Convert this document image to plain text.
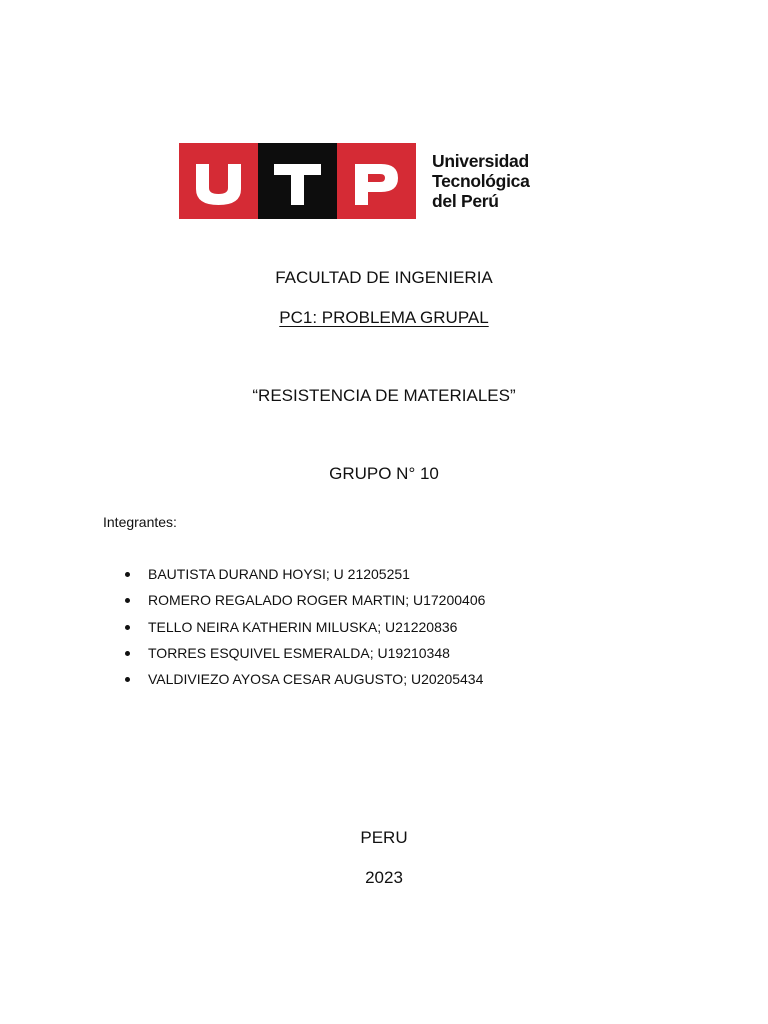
Universidad
Tecnológica
del Perú
FACULTAD DE INGENIERIA
PC1: PROBLEMA GRUPAL
“RESISTENCIA DE MATERIALES”
GRUPO N° 10
Integrantes:
BAUTISTA DURAND HOYSI; U 21205251
ROMERO REGALADO ROGER MARTIN; U17200406
TELLO NEIRA KATHERIN MILUSKA; U21220836
TORRES ESQUIVEL ESMERALDA; U19210348
VALDIVIEZO AYOSA CESAR AUGUSTO; U20205434
PERU
2023
